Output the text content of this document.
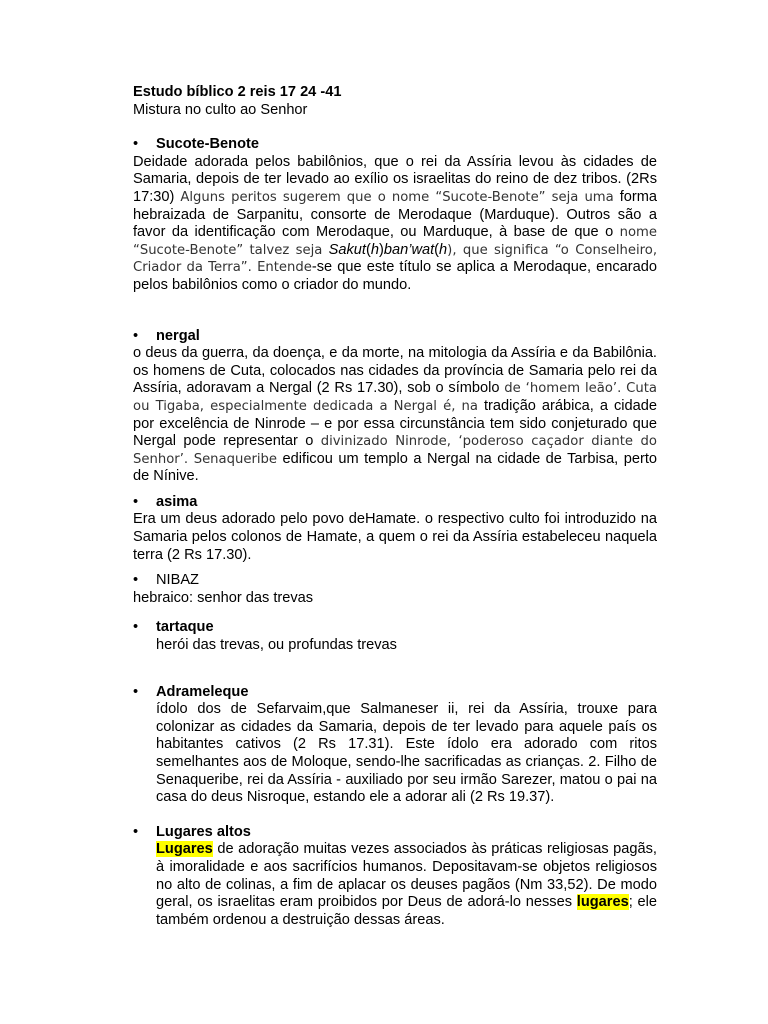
Estudo bíblico 2 reis 17 24 -41
Mistura no culto ao Senhor
•	Sucote-Benote
Deidade adorada pelos babilônios, que o rei da Assíria levou às cidades de Samaria, depois de ter levado ao exílio os israelitas do reino de dez tribos. (2Rs 17:30) Alguns peritos sugerem que o nome “Sucote-Benote” seja uma forma hebraizada de Sarpanitu, consorte de Merodaque (Marduque). Outros são a favor da identificação com Merodaque, ou Marduque, à base de que o nome “Sucote-Benote” talvez seja Sakut(h)ban’wat(h), que significa “o Conselheiro, Criador da Terra”. Entende-se que este título se aplica a Merodaque, encarado pelos babilônios como o criador do mundo.
•	nergal
o deus da guerra, da doença, e da morte, na mitologia da Assíria e da Babilônia. os homens de Cuta, colocados nas cidades da província de Samaria pelo rei da Assíria, adoravam a Nergal (2 Rs 17.30), sob o símbolo de ‘homem leão’. Cuta ou Tigaba, especialmente dedicada a Nergal é, na tradição arábica, a cidade por excelência de Ninrode – e por essa circunstância tem sido conjeturado que Nergal pode representar o divinizado Ninrode, ‘poderoso caçador diante do Senhor’. Senaqueribe edificou um templo a Nergal na cidade de Tarbisa, perto de Nínive.
•	asima
Era um deus adorado pelo povo deHamate. o respectivo culto foi introduzido na Samaria pelos colonos de Hamate, a quem o rei da Assíria estabeleceu naquela terra (2 Rs 17.30).
•	NIBAZ
hebraico: senhor das trevas
•	tartaque
herói das trevas, ou profundas trevas
•	Adrameleque
ídolo dos de Sefarvaim,que Salmaneser ii, rei da Assíria, trouxe para colonizar as cidades da Samaria, depois de ter levado para aquele país os habitantes cativos (2 Rs 17.31). Este ídolo era adorado com ritos semelhantes aos de Moloque, sendo-lhe sacrificadas as crianças. 2. Filho de Senaqueribe, rei da Assíria - auxiliado por seu irmão Sarezer, matou o pai na casa do deus Nisroque, estando ele a adorar ali (2 Rs 19.37).
•	Lugares altos
Lugares de adoração muitas vezes associados às práticas religiosas pagãs, à imoralidade e aos sacrifícios humanos. Depositavam-se objetos religiosos no alto de colinas, a fim de aplacar os deuses pagãos (Nm 33,52). De modo geral, os israelitas eram proibidos por Deus de adorá-lo nesses lugares; ele também ordenou a destruição dessas áreas.
